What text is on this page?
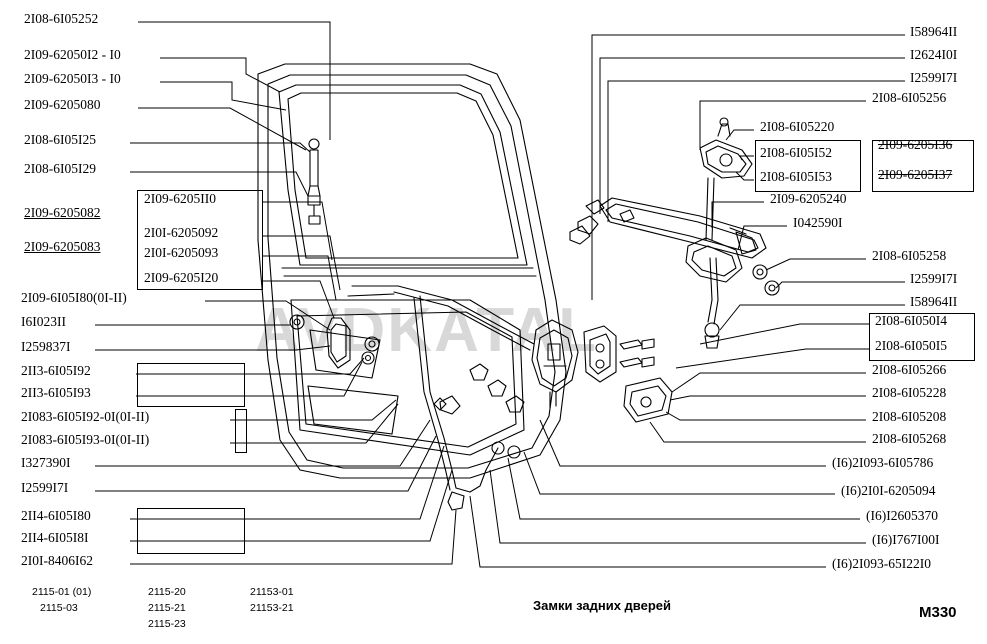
AVDKATAL
2I08-6I05252
2I09-62050I2 - I0
2I09-62050I3 - I0
2I09-6205080
2I08-6I05I25
2I08-6I05I29
2I09-6205082
2I09-6205083
2I09-6205II0
2I0I-6205092
2I0I-6205093
2I09-6205I20
2I09-6I05I80(0I-II)
I6I023II
I259837I
2II3-6I05I92
2II3-6I05I93
2I083-6I05I92-0I(0I-II)
2I083-6I05I93-0I(0I-II)
I327390I
I2599I7I
2II4-6I05I80
2II4-6I05I8I
2I0I-8406I62
I58964II
I2624I0I
I2599I7I
2I08-6I05256
2I08-6I05220
2I08-6I05I52
2I08-6I05I53
2I09-6205I36
2I09-6205I37
2I09-6205240
I042590I
2I08-6I05258
I2599I7I
I58964II
2I08-6I050I4
2I08-6I050I5
2I08-6I05266
2I08-6I05228
2I08-6I05208
2I08-6I05268
(I6)2I093-6I05786
(I6)2I0I-6205094
(I6)I2605370
(I6)I767I00I
(I6)2I093-65I22I0
2115-01 (01)
2115-03
2115-20
2115-21
2115-23
21153-01
21153-21	Замки задних дверей	M330
